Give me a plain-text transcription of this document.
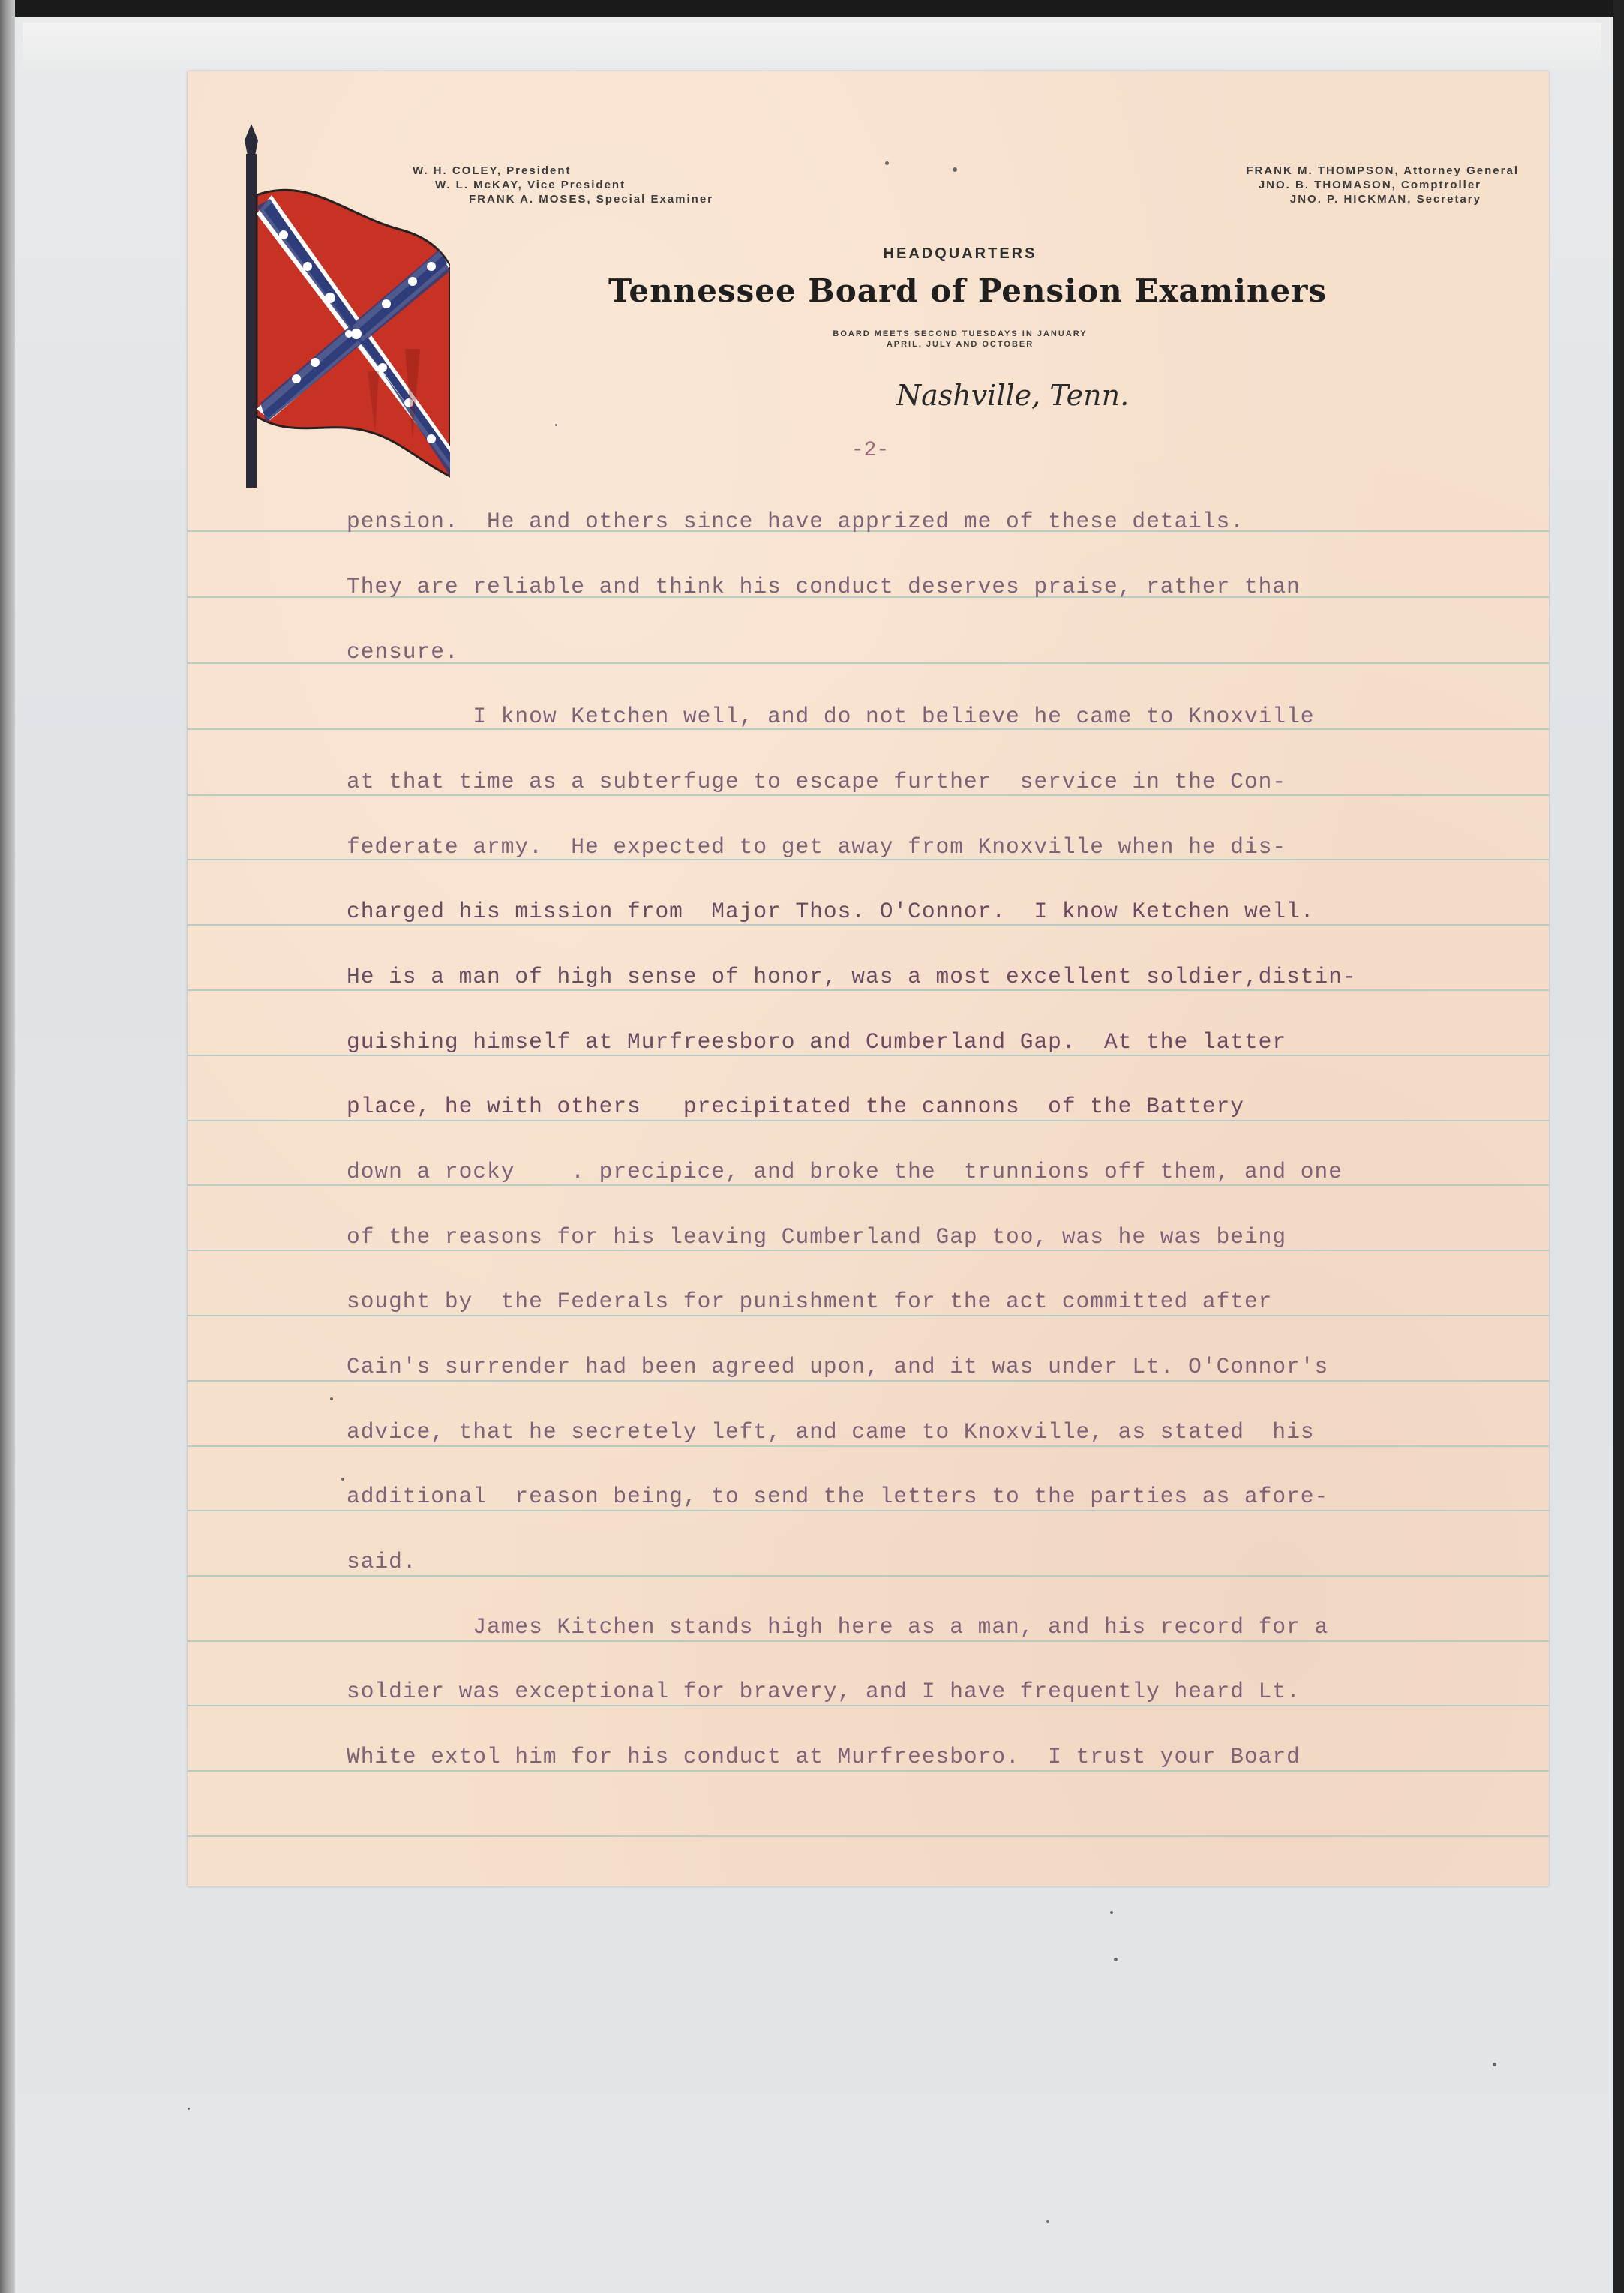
W. H. COLEY, President
W. L. McKAY, Vice President
FRANK A. MOSES, Special Examiner
FRANK M. THOMPSON, Attorney General
JNO. B. THOMASON, Comptroller
JNO. P. HICKMAN, Secretary
HEADQUARTERS
Tennessee Board of Pension Examiners
BOARD MEETS SECOND TUESDAYS IN JANUARY
APRIL, JULY AND OCTOBER
Nashville, Tenn.
-2-
pension.  He and others since have apprized me of these details.
They are reliable and think his conduct deserves praise, rather than
censure.
I know Ketchen well, and do not believe he came to Knoxville
at that time as a subterfuge to escape further  service in the Con-
federate army.  He expected to get away from Knoxville when he dis-
charged his mission from  Major Thos. O'Connor.  I know Ketchen well.
He is a man of high sense of honor, was a most excellent soldier,distin-
guishing himself at Murfreesboro and Cumberland Gap.  At the latter
place, he with others   precipitated the cannons  of the Battery
down a rocky    . precipice, and broke the  trunnions off them, and one
of the reasons for his leaving Cumberland Gap too, was he was being
sought by  the Federals for punishment for the act committed after
Cain's surrender had been agreed upon, and it was under Lt. O'Connor's
advice, that he secretely left, and came to Knoxville, as stated  his
additional  reason being, to send the letters to the parties as afore-
said.
James Kitchen stands high here as a man, and his record for a
soldier was exceptional for bravery, and I have frequently heard Lt.
White extol him for his conduct at Murfreesboro.  I trust your Board
